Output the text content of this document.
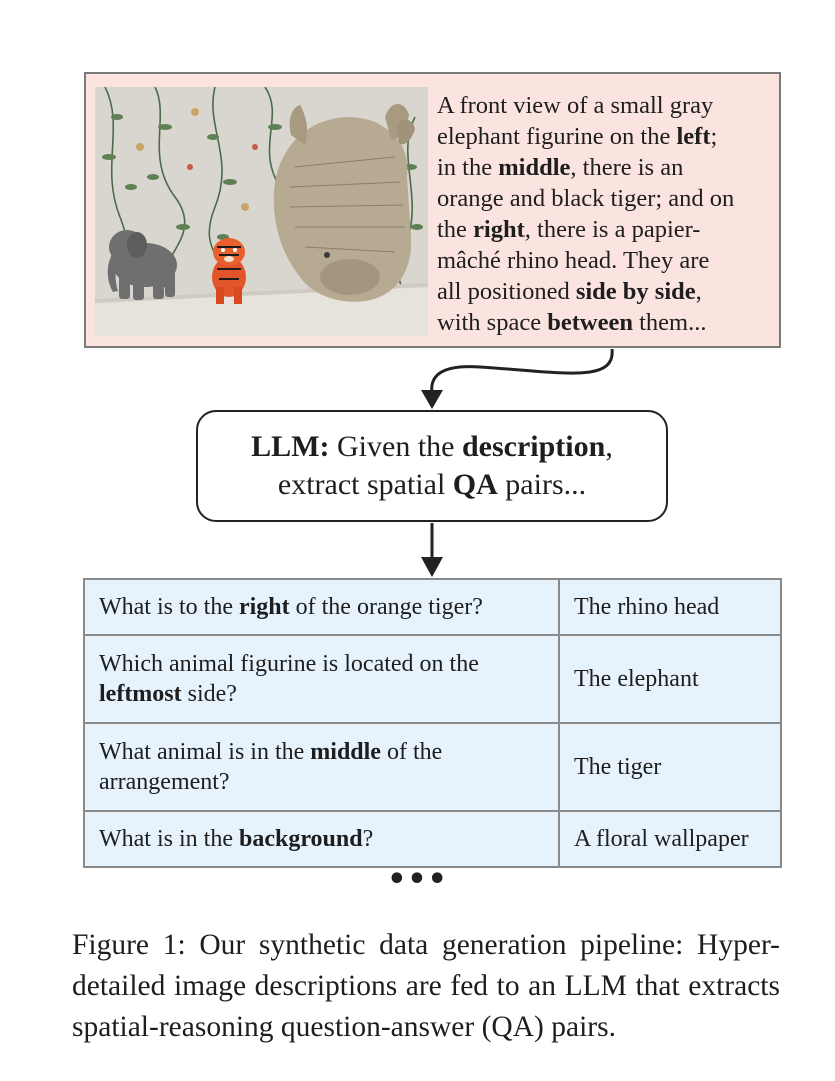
A front view of a small gray
elephant figurine on the left;
in the middle, there is an
orange and black tiger; and on
the right, there is a papier-
mâché rhino head. They are
all positioned side by side,
with space between them...
LLM: Given the description,
extract spatial QA pairs...
What is to the right of the orange tiger?	The rhino head
Which animal figurine is located on the
leftmost side?	The elephant
What animal is in the middle of the
arrangement?	The tiger
What is in the background?	A floral wallpaper
•••
Figure 1: Our synthetic data generation pipeline: Hyper-detailed image descriptions are fed to an LLM that extracts spatial-reasoning question-answer (QA) pairs.
